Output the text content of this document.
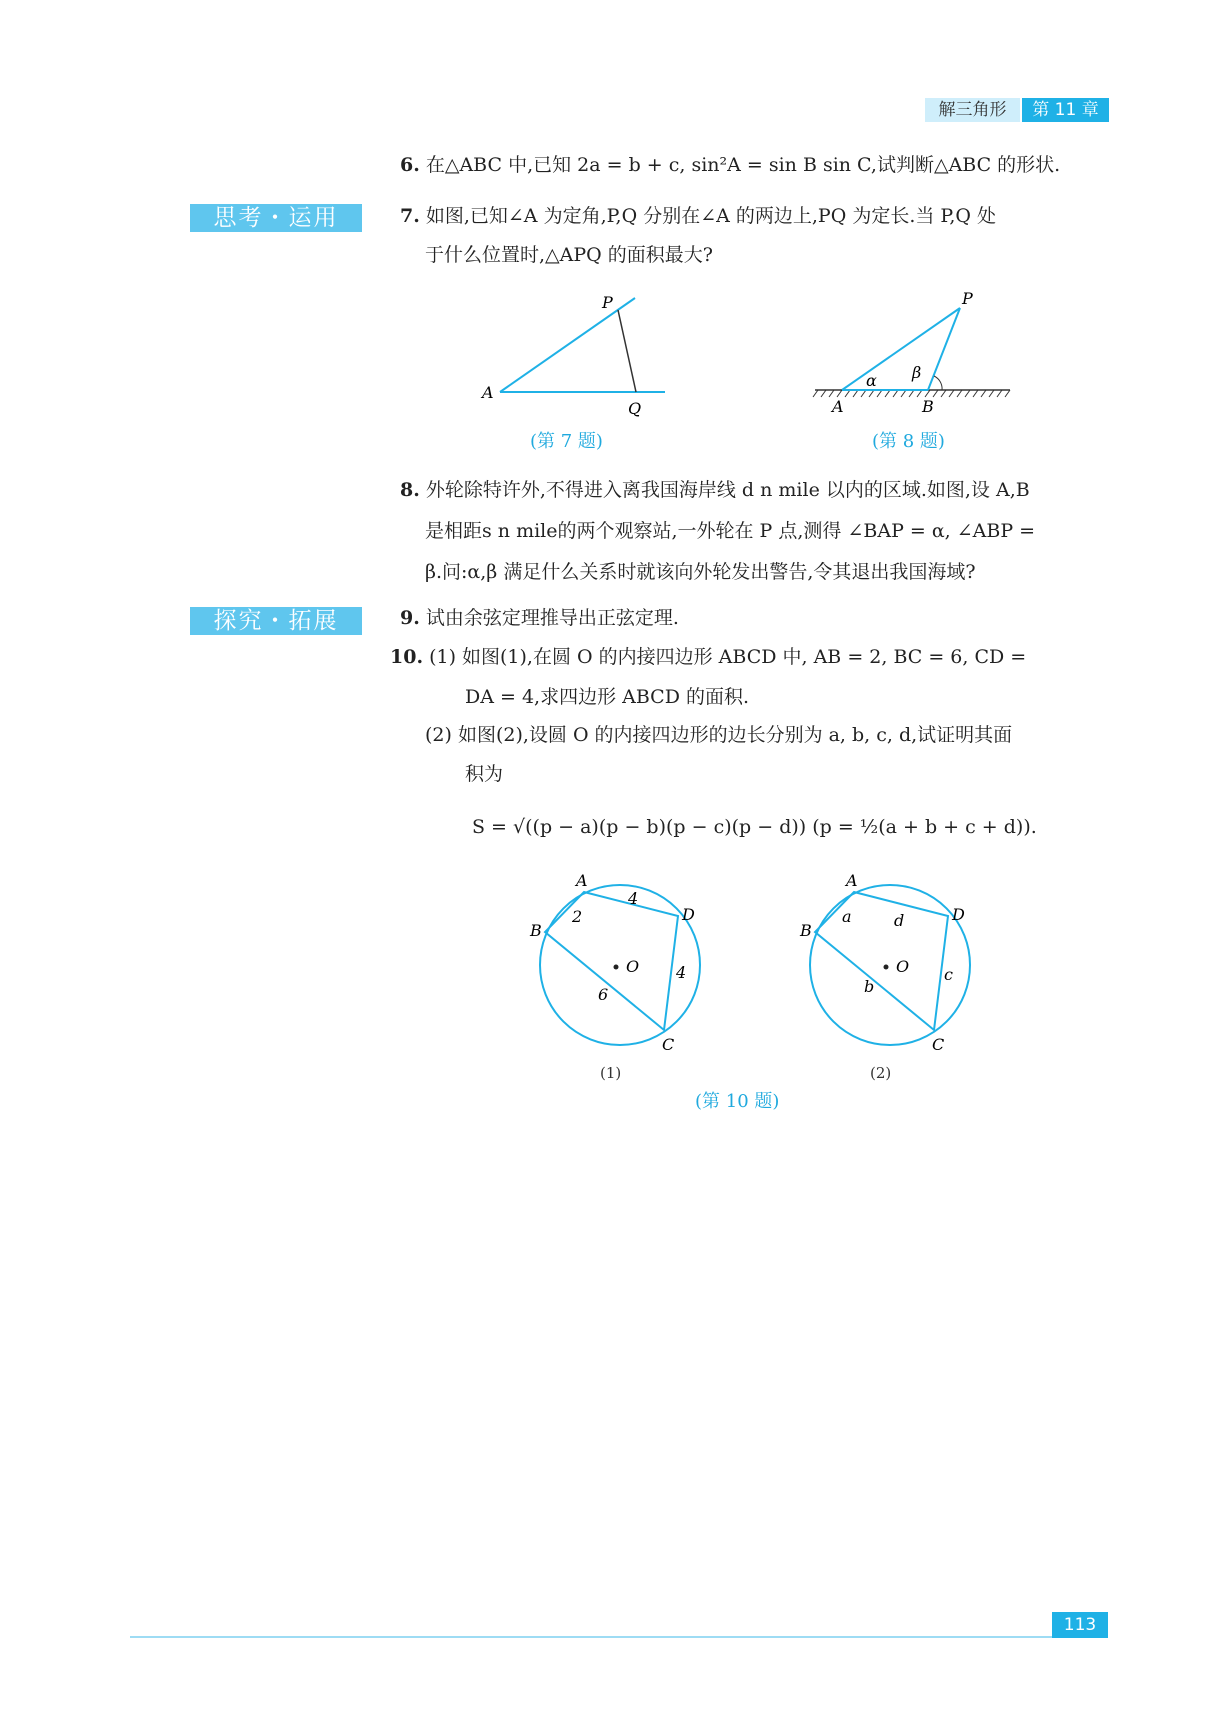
解三角形	第 11 章
6. 在△ABC 中,已知 2a = b + c, sin²A = sin B sin C,试判断△ABC 的形状.
思考・运用	7. 如图,已知∠A 为定角,P,Q 分别在∠A 的两边上,PQ 为定长.当 P,Q 处
于什么位置时,△APQ 的面积最大?
A
P
Q
(第 7 题)
α β
A	B
P
(第 8 题)
8. 外轮除特许外,不得进入离我国海岸线 d n mile 以内的区域.如图,设 A,B
是相距s n mile的两个观察站,一外轮在 P 点,测得 ∠BAP = α, ∠ABP =
β.问:α,β 满足什么关系时就该向外轮发出警告,令其退出我国海域?
探究・拓展	9. 试由余弦定理推导出正弦定理.
10. (1) 如图(1),在圆 O 的内接四边形 ABCD 中, AB = 2, BC = 6, CD =
DA = 4,求四边形 ABCD 的面积.
(2) 如图(2),设圆 O 的内接四边形的边长分别为 a, b, c, d,试证明其面
积为
S = √((p − a)(p − b)(p − c)(p − d)) (p = ½(a + b + c + d)).
O
A
B
C
D
2
4
4
6
(1)
O
A
B
C
D
a	d
c
b
(2)
(第 10 题)
113
